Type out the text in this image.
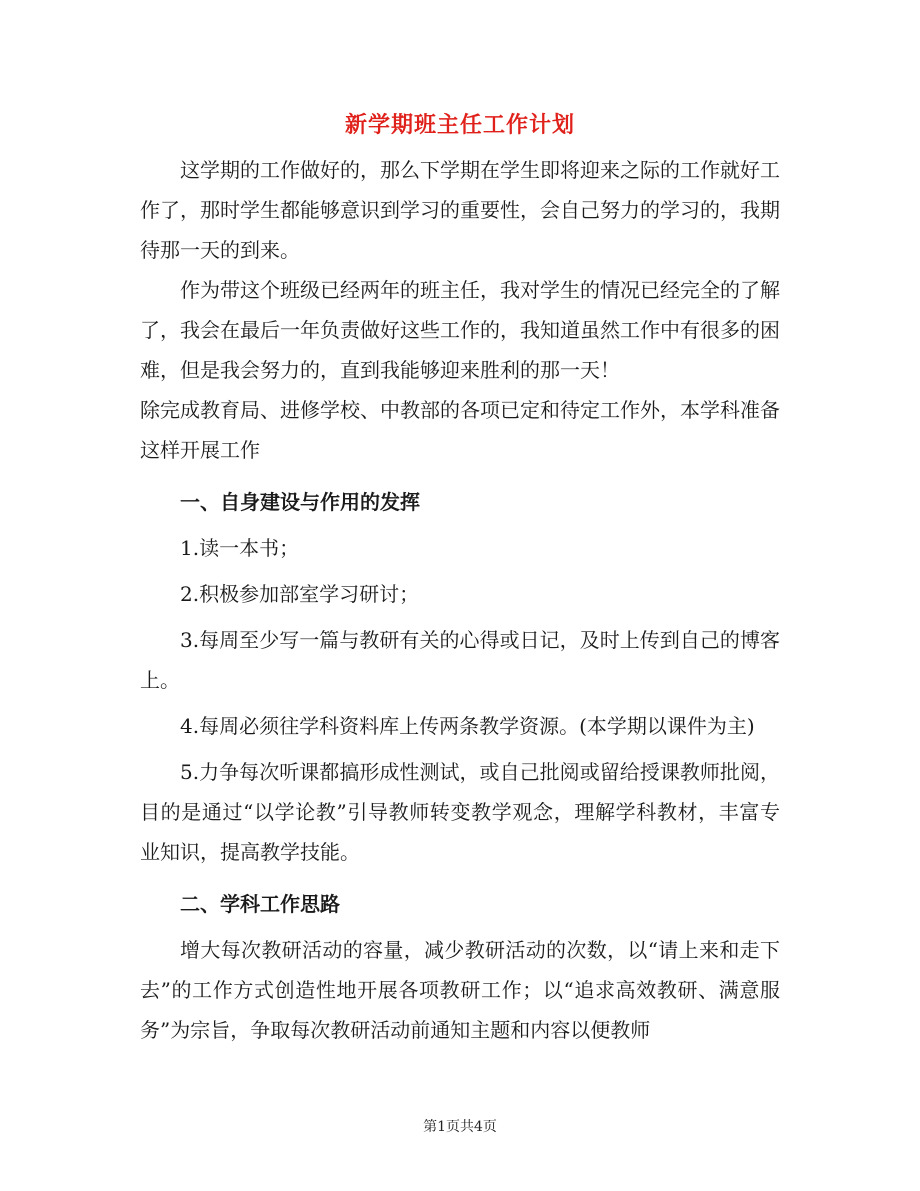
新学期班主任工作计划

这学期的工作做好的，那么下学期在学生即将迎来之际的工作就好工作了，那时学生都能够意识到学习的重要性，会自己努力的学习的，我期待那一天的到来。

作为带这个班级已经两年的班主任，我对学生的情况已经完全的了解了，我会在最后一年负责做好这些工作的，我知道虽然工作中有很多的困难，但是我会努力的，直到我能够迎来胜利的那一天！

除完成教育局、进修学校、中教部的各项已定和待定工作外，本学科准备这样开展工作

一、自身建设与作用的发挥

1.读一本书；

2.积极参加部室学习研讨；

3.每周至少写一篇与教研有关的心得或日记，及时上传到自己的博客上。

4.每周必须往学科资料库上传两条教学资源。(本学期以课件为主)

5.力争每次听课都搞形成性测试，或自己批阅或留给授课教师批阅，目的是通过“以学论教”引导教师转变教学观念，理解学科教材，丰富专业知识，提高教学技能。

二、学科工作思路

增大每次教研活动的容量，减少教研活动的次数，以“请上来和走下去”的工作方式创造性地开展各项教研工作；以“追求高效教研、满意服务”为宗旨，争取每次教研活动前通知主题和内容以便教师

第1页共4页
